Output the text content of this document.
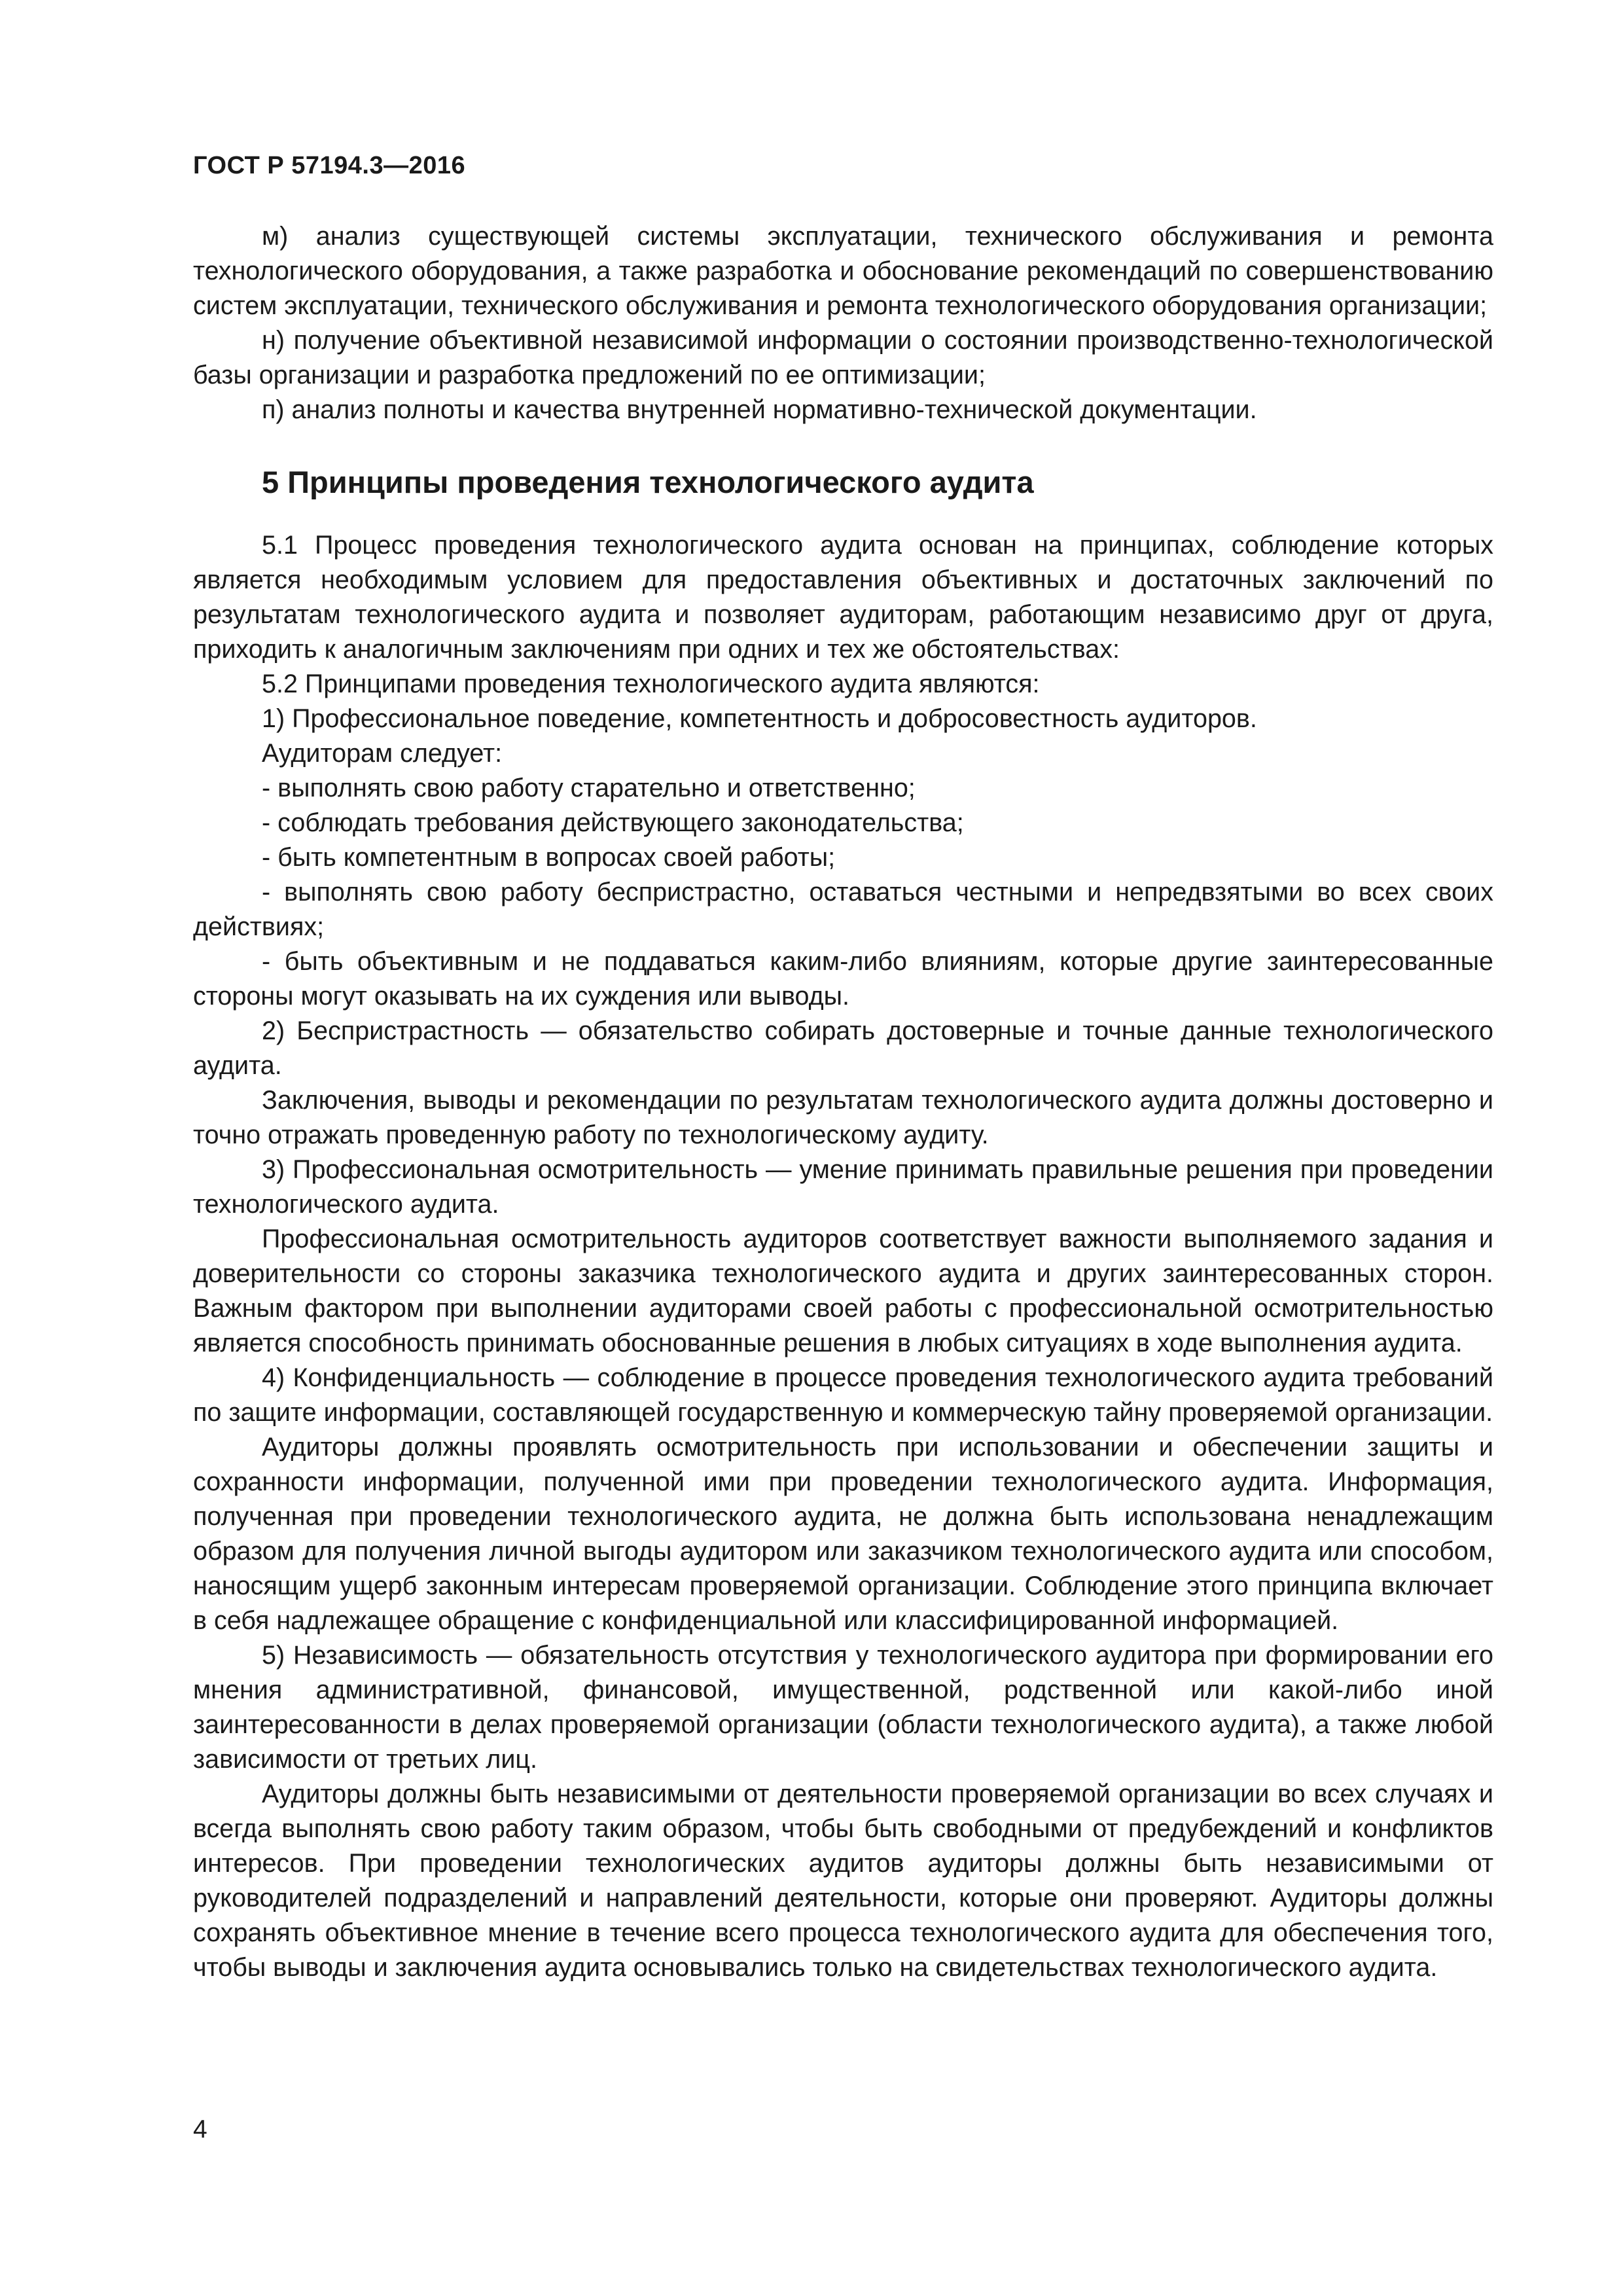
ГОСТ Р 57194.3—2016

м) анализ существующей системы эксплуатации, технического обслуживания и ремонта технологического оборудования, а также разработка и обоснование рекомендаций по совершенствованию систем эксплуатации, технического обслуживания и ремонта технологического оборудования организации;

н) получение объективной независимой информации о состоянии производственно-технологической базы организации и разработка предложений по ее оптимизации;

п) анализ полноты и качества внутренней нормативно-технической документации.

5 Принципы проведения технологического аудита

5.1 Процесс проведения технологического аудита основан на принципах, соблюдение которых является необходимым условием для предоставления объективных и достаточных заключений по результатам технологического аудита и позволяет аудиторам, работающим независимо друг от друга, приходить к аналогичным заключениям при одних и тех же обстоятельствах:

5.2 Принципами проведения технологического аудита являются:

1) Профессиональное поведение, компетентность и добросовестность аудиторов.

Аудиторам следует:

- выполнять свою работу старательно и ответственно;

- соблюдать требования действующего законодательства;

- быть компетентным в вопросах своей работы;

- выполнять свою работу беспристрастно, оставаться честными и непредвзятыми во всех своих действиях;

- быть объективным и не поддаваться каким-либо влияниям, которые другие заинтересованные стороны могут оказывать на их суждения или выводы.

2) Беспристрастность — обязательство собирать достоверные и точные данные технологического аудита.

Заключения, выводы и рекомендации по результатам технологического аудита должны достоверно и точно отражать проведенную работу по технологическому аудиту.

3) Профессиональная осмотрительность — умение принимать правильные решения при проведении технологического аудита.

Профессиональная осмотрительность аудиторов соответствует важности выполняемого задания и доверительности со стороны заказчика технологического аудита и других заинтересованных сторон. Важным фактором при выполнении аудиторами своей работы с профессиональной осмотрительностью является способность принимать обоснованные решения в любых ситуациях в ходе выполнения аудита.

4) Конфиденциальность — соблюдение в процессе проведения технологического аудита требований по защите информации, составляющей государственную и коммерческую тайну проверяемой организации.

Аудиторы должны проявлять осмотрительность при использовании и обеспечении защиты и сохранности информации, полученной ими при проведении технологического аудита. Информация, полученная при проведении технологического аудита, не должна быть использована ненадлежащим образом для получения личной выгоды аудитором или заказчиком технологического аудита или способом, наносящим ущерб законным интересам проверяемой организации. Соблюдение этого принципа включает в себя надлежащее обращение с конфиденциальной или классифицированной информацией.

5) Независимость — обязательность отсутствия у технологического аудитора при формировании его мнения административной, финансовой, имущественной, родственной или какой-либо иной заинтересованности в делах проверяемой организации (области технологического аудита), а также любой зависимости от третьих лиц.

Аудиторы должны быть независимыми от деятельности проверяемой организации во всех случаях и всегда выполнять свою работу таким образом, чтобы быть свободными от предубеждений и конфликтов интересов. При проведении технологических аудитов аудиторы должны быть независимыми от руководителей подразделений и направлений деятельности, которые они проверяют. Аудиторы должны сохранять объективное мнение в течение всего процесса технологического аудита для обеспечения того, чтобы выводы и заключения аудита основывались только на свидетельствах технологического аудита.

4
